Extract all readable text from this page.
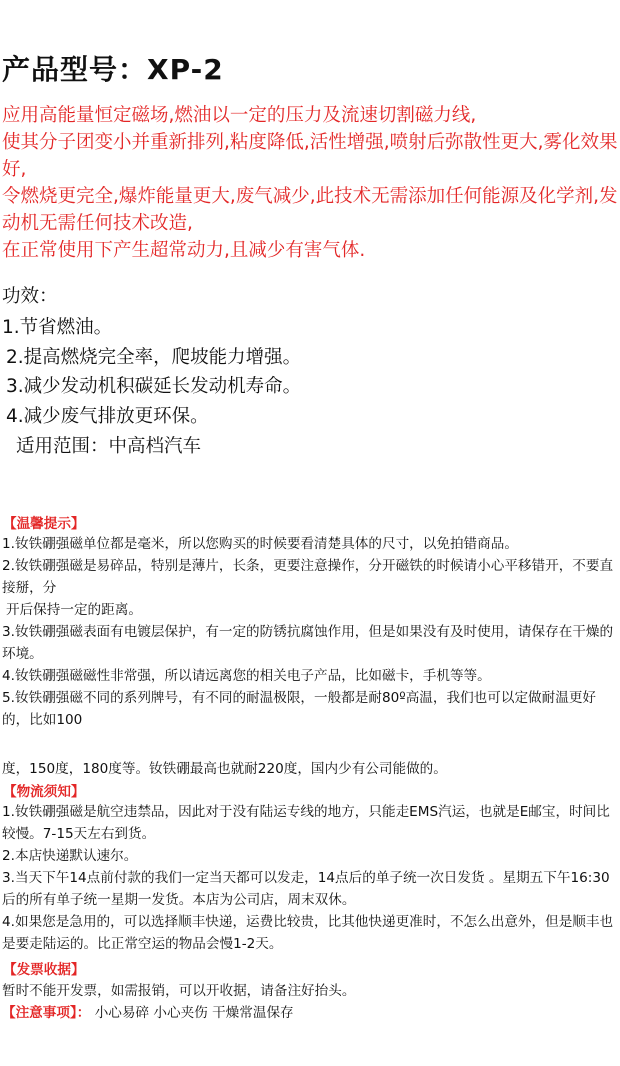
产品型号：XP-2
应用高能量恒定磁场,燃油以一定的压力及流速切割磁力线,
使其分子团变小并重新排列,粘度降低,活性增强,喷射后弥散性更大,雾化效果好,
令燃烧更完全,爆炸能量更大,废气减少,此技术无需添加任何能源及化学剂,发动机无需任何技术改造,
在正常使用下产生超常动力,且减少有害气体.
功效：
1.节省燃油。
2.提高燃烧完全率，爬坡能力增强。
3.减少发动机积碳延长发动机寿命。
4.减少废气排放更环保。
适用范围：中高档汽车
【温馨提示】
1.钕铁硼强磁单位都是毫米，所以您购买的时候要看清楚具体的尺寸，以免拍错商品。
2.钕铁硼强磁是易碎品，特别是薄片，长条，更要注意操作，分开磁铁的时候请小心平移错开，不要直接掰，分
开后保持一定的距离。
3.钕铁硼强磁表面有电镀层保护，有一定的防锈抗腐蚀作用，但是如果没有及时使用，请保存在干燥的环境。
4.钕铁硼强磁磁性非常强，所以请远离您的相关电子产品，比如磁卡，手机等等。
5.钕铁硼强磁不同的系列牌号，有不同的耐温极限，一般都是耐80º高温，我们也可以定做耐温更好的，比如100
度，150度，180度等。钕铁硼最高也就耐220度，国内少有公司能做的。
【物流须知】
1.钕铁硼强磁是航空违禁品，因此对于没有陆运专线的地方，只能走EMS汽运，也就是E邮宝，时间比较慢。7-15天左右到货。
2.本店快递默认速尔。
3.当天下午14点前付款的我们一定当天都可以发走，14点后的单子统一次日发货 。星期五下午16:30后的所有单子统一星期一发货。本店为公司店，周末双休。
4.如果您是急用的，可以选择顺丰快递，运费比较贵，比其他快递更准时，不怎么出意外，但是顺丰也是要走陆运的。比正常空运的物品会慢1-2天。
【发票收据】
暂时不能开发票，如需报销，可以开收据，请备注好抬头。
【注意事项】： 小心易碎 小心夹伤 干燥常温保存
